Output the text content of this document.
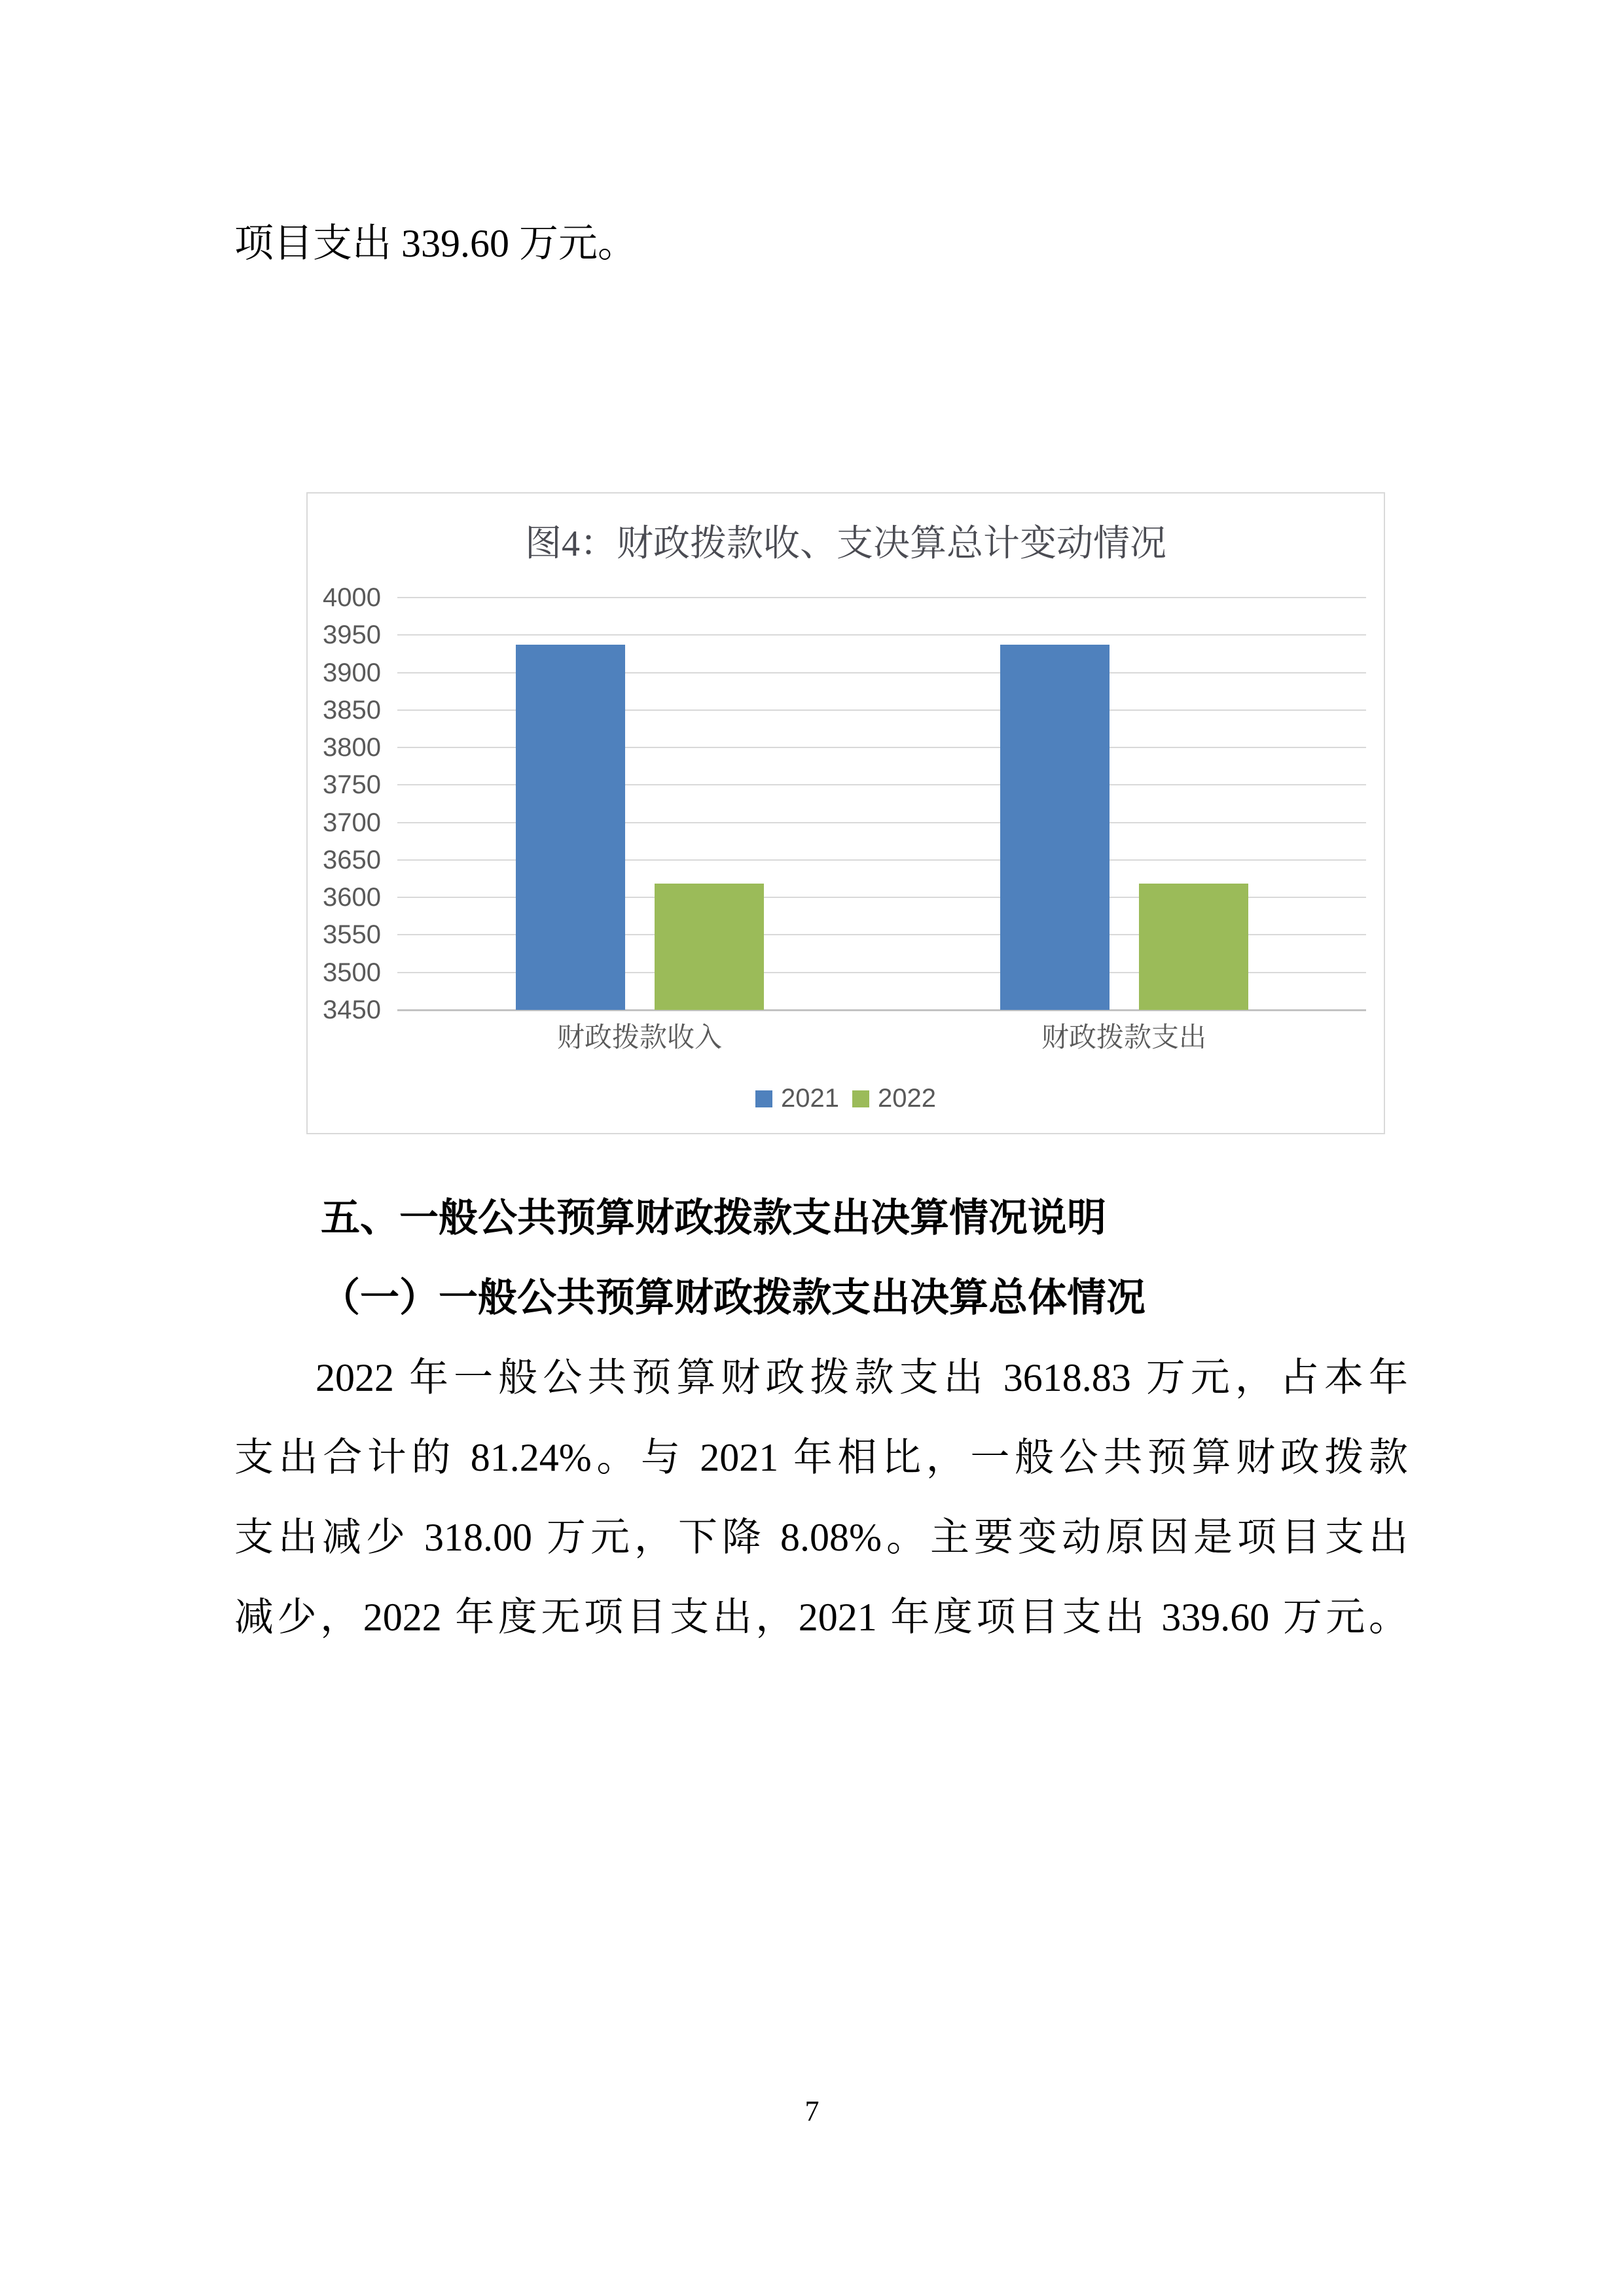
项目支出 339.60 万元。

图4：财政拨款收、支决算总计变动情况
4000
3950
3900
3850
3800
3750
3700
3650
3600
3550
3500
3450
财政拨款收入	财政拨款支出
2021 2022
五、一般公共预算财政拨款支出决算情况说明
（一）一般公共预算财政拨款支出决算总体情况

2022 年一般公共预算财政拨款支出 3618.83 万元，占本年

支出合计的 81.24%。与 2021 年相比，一般公共预算财政拨款

支出减少 318.00 万元，下降 8.08%。主要变动原因是项目支出

减少，2022 年度无项目支出，2021 年度项目支出 339.60 万元。

7
